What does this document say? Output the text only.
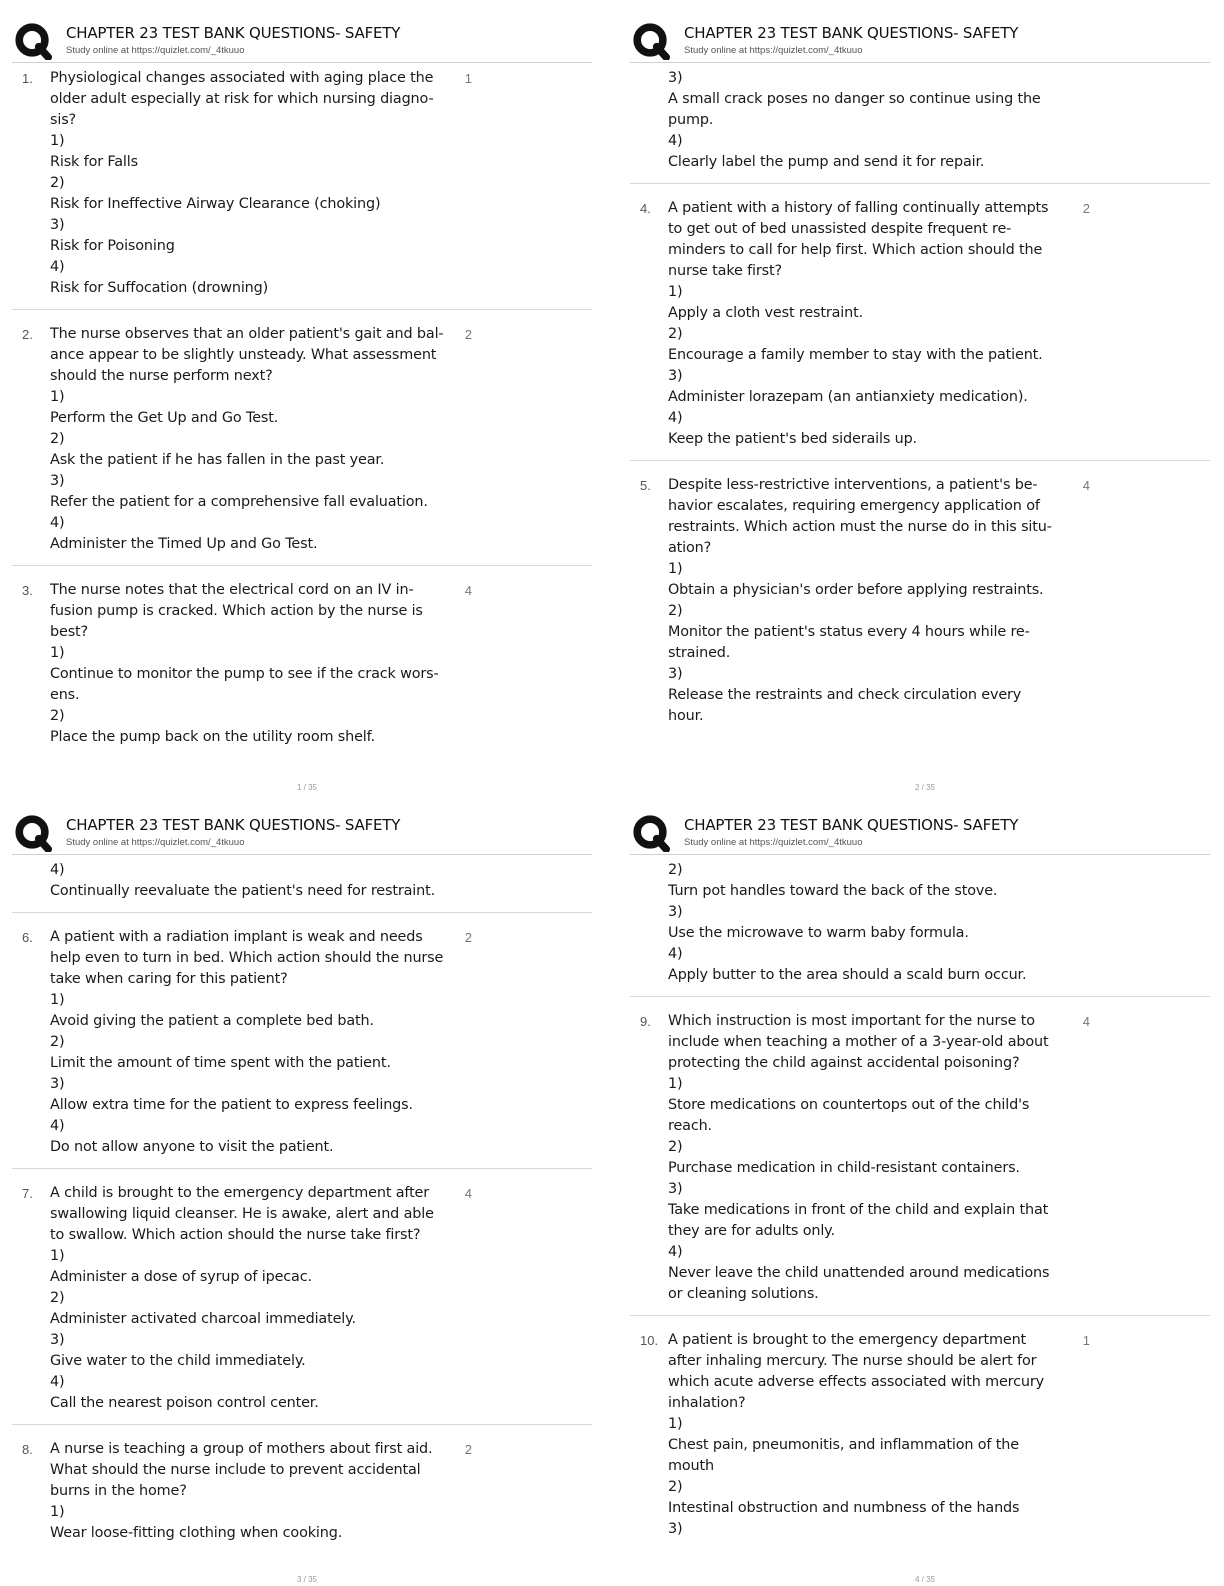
CHAPTER 23 TEST BANK QUESTIONS- SAFETY
Study online at https://quizlet.com/_4tkuuo
1.	1
Physiological changes associated with aging place the
older adult especially at risk for which nursing diagno-
sis?
1)
Risk for Falls
2)
Risk for Ineffective Airway Clearance (choking)
3)
Risk for Poisoning
4)
Risk for Suffocation (drowning)
2.	2
The nurse observes that an older patient's gait and bal-
ance appear to be slightly unsteady. What assessment
should the nurse perform next?
1)
Perform the Get Up and Go Test.
2)
Ask the patient if he has fallen in the past year.
3)
Refer the patient for a comprehensive fall evaluation.
4)
Administer the Timed Up and Go Test.
3.	4
The nurse notes that the electrical cord on an IV in-
fusion pump is cracked. Which action by the nurse is
best?
1)
Continue to monitor the pump to see if the crack wors-
ens.
2)
Place the pump back on the utility room shelf.
1 / 35
CHAPTER 23 TEST BANK QUESTIONS- SAFETY
Study online at https://quizlet.com/_4tkuuo
3)
A small crack poses no danger so continue using the
pump.
4)
Clearly label the pump and send it for repair.
4.	2
A patient with a history of falling continually attempts
to get out of bed unassisted despite frequent re-
minders to call for help first. Which action should the
nurse take first?
1)
Apply a cloth vest restraint.
2)
Encourage a family member to stay with the patient.
3)
Administer lorazepam (an antianxiety medication).
4)
Keep the patient's bed siderails up.
5.	4
Despite less-restrictive interventions, a patient's be-
havior escalates, requiring emergency application of
restraints. Which action must the nurse do in this situ-
ation?
1)
Obtain a physician's order before applying restraints.
2)
Monitor the patient's status every 4 hours while re-
strained.
3)
Release the restraints and check circulation every
hour.
2 / 35
CHAPTER 23 TEST BANK QUESTIONS- SAFETY
Study online at https://quizlet.com/_4tkuuo
4)
Continually reevaluate the patient's need for restraint.
6.	2
A patient with a radiation implant is weak and needs
help even to turn in bed. Which action should the nurse
take when caring for this patient?
1)
Avoid giving the patient a complete bed bath.
2)
Limit the amount of time spent with the patient.
3)
Allow extra time for the patient to express feelings.
4)
Do not allow anyone to visit the patient.
7.	4
A child is brought to the emergency department after
swallowing liquid cleanser. He is awake, alert and able
to swallow. Which action should the nurse take first?
1)
Administer a dose of syrup of ipecac.
2)
Administer activated charcoal immediately.
3)
Give water to the child immediately.
4)
Call the nearest poison control center.
8.	2
A nurse is teaching a group of mothers about first aid.
What should the nurse include to prevent accidental
burns in the home?
1)
Wear loose-fitting clothing when cooking.
3 / 35
CHAPTER 23 TEST BANK QUESTIONS- SAFETY
Study online at https://quizlet.com/_4tkuuo
2)
Turn pot handles toward the back of the stove.
3)
Use the microwave to warm baby formula.
4)
Apply butter to the area should a scald burn occur.
9.	4
Which instruction is most important for the nurse to
include when teaching a mother of a 3-year-old about
protecting the child against accidental poisoning?
1)
Store medications on countertops out of the child's
reach.
2)
Purchase medication in child-resistant containers.
3)
Take medications in front of the child and explain that
they are for adults only.
4)
Never leave the child unattended around medications
or cleaning solutions.
10.	1
A patient is brought to the emergency department
after inhaling mercury. The nurse should be alert for
which acute adverse effects associated with mercury
inhalation?
1)
Chest pain, pneumonitis, and inflammation of the
mouth
2)
Intestinal obstruction and numbness of the hands
3)
4 / 35
